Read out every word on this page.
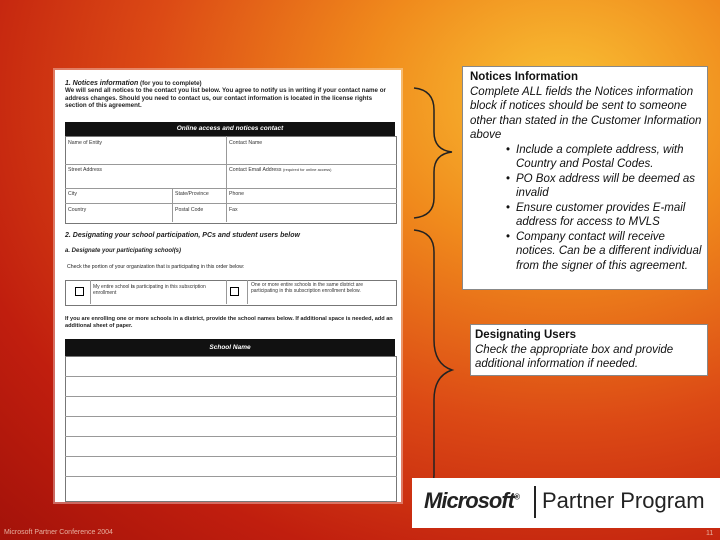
1. Notices information (for you to complete)
We will send all notices to the contact you list below. You agree to notify us in writing if your contact name or address changes. Should you need to contact us, our contact information is located in the license rights section of this agreement.
Online access and notices contact
Name of Entity	Contact Name
Street Address	Contact Email Address (required for online access)
City	State/Province	Phone
Country	Postal Code	Fax
2. Designating your school participation, PCs and student users below
a. Designate your participating school(s)
Check the portion of your organization that is participating in this order below:
My entire school is participating in this subscription enrollment
One or more entire schools in the same district are participating in this subscription enrollment below.
If you are enrolling one or more schools in a district, provide the school names below. If additional space is needed, add an additional sheet of paper.
School Name
Notices Information
Complete ALL fields the Notices information block if notices should be sent to someone other than stated in the Customer Information above
• Include a complete address, with Country and Postal Codes.
• PO Box address will be deemed as invalid
• Ensure customer provides E-mail address for access to MVLS
• Company contact will receive notices. Can be a different individual from the signer of this agreement.
Designating Users
Check the appropriate box and provide additional information if needed.
Microsoft® Partner Program
Microsoft Partner Conference 2004	11
